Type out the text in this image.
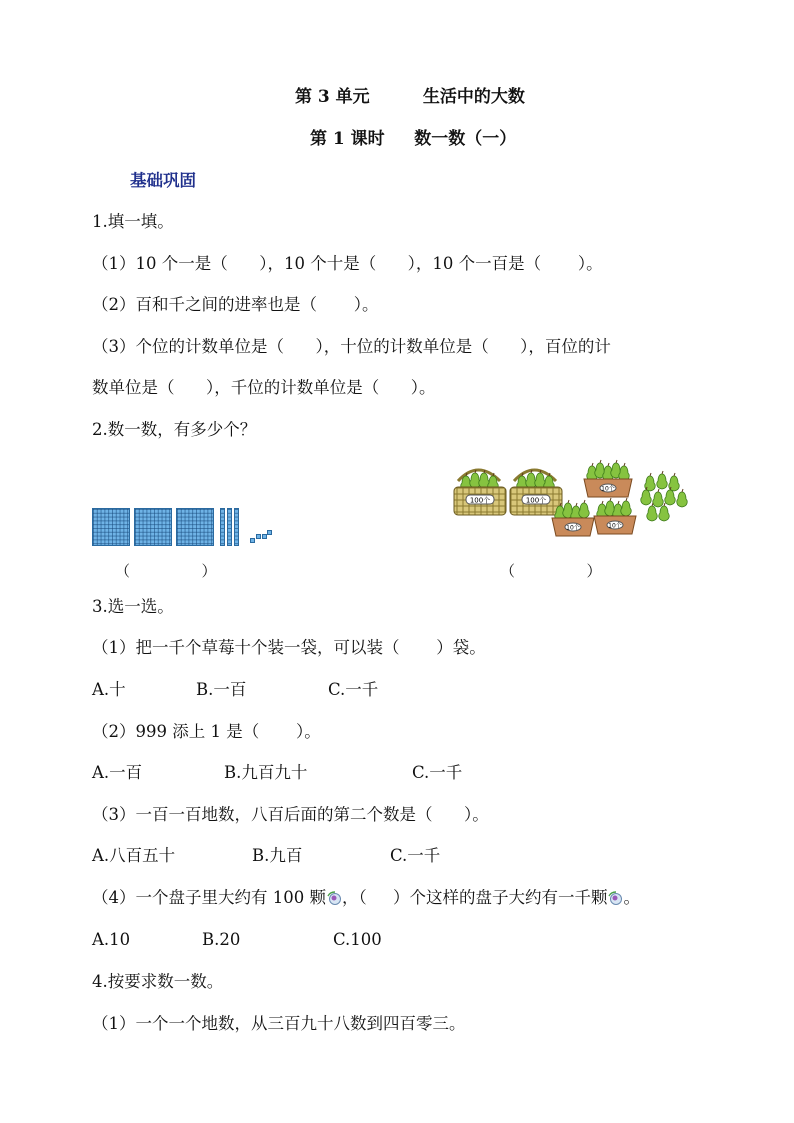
第 3 单元         生活中的大数
第 1 课时     数一数（一）
基础巩固
1.填一填。
（1）10 个一是（      ），10 个十是（      ），10 个一百是（       ）。
（2）百和千之间的进率也是（       ）。
（3）个位的计数单位是（      ），十位的计数单位是（      ），百位的计
数单位是（      ），千位的计数单位是（      ）。
2.数一数，有多少个？
100个	100个
10个
10个	10个
（               ）	（               ）
3.选一选。
（1）把一千个草莓十个装一袋，可以装（       ）袋。
A.十	B.一百	C.一千
（2）999 添上 1 是（       ）。
A.一百	B.九百九十	C.一千
（3）一百一百地数，八百后面的第二个数是（      ）。
A.八百五十	B.九百	C.一千
（4）一个盘子里大约有 100 颗 ，（     ）个这样的盘子大约有一千颗 。
A.10	B.20	C.100
4.按要求数一数。
（1）一个一个地数，从三百九十八数到四百零三。
